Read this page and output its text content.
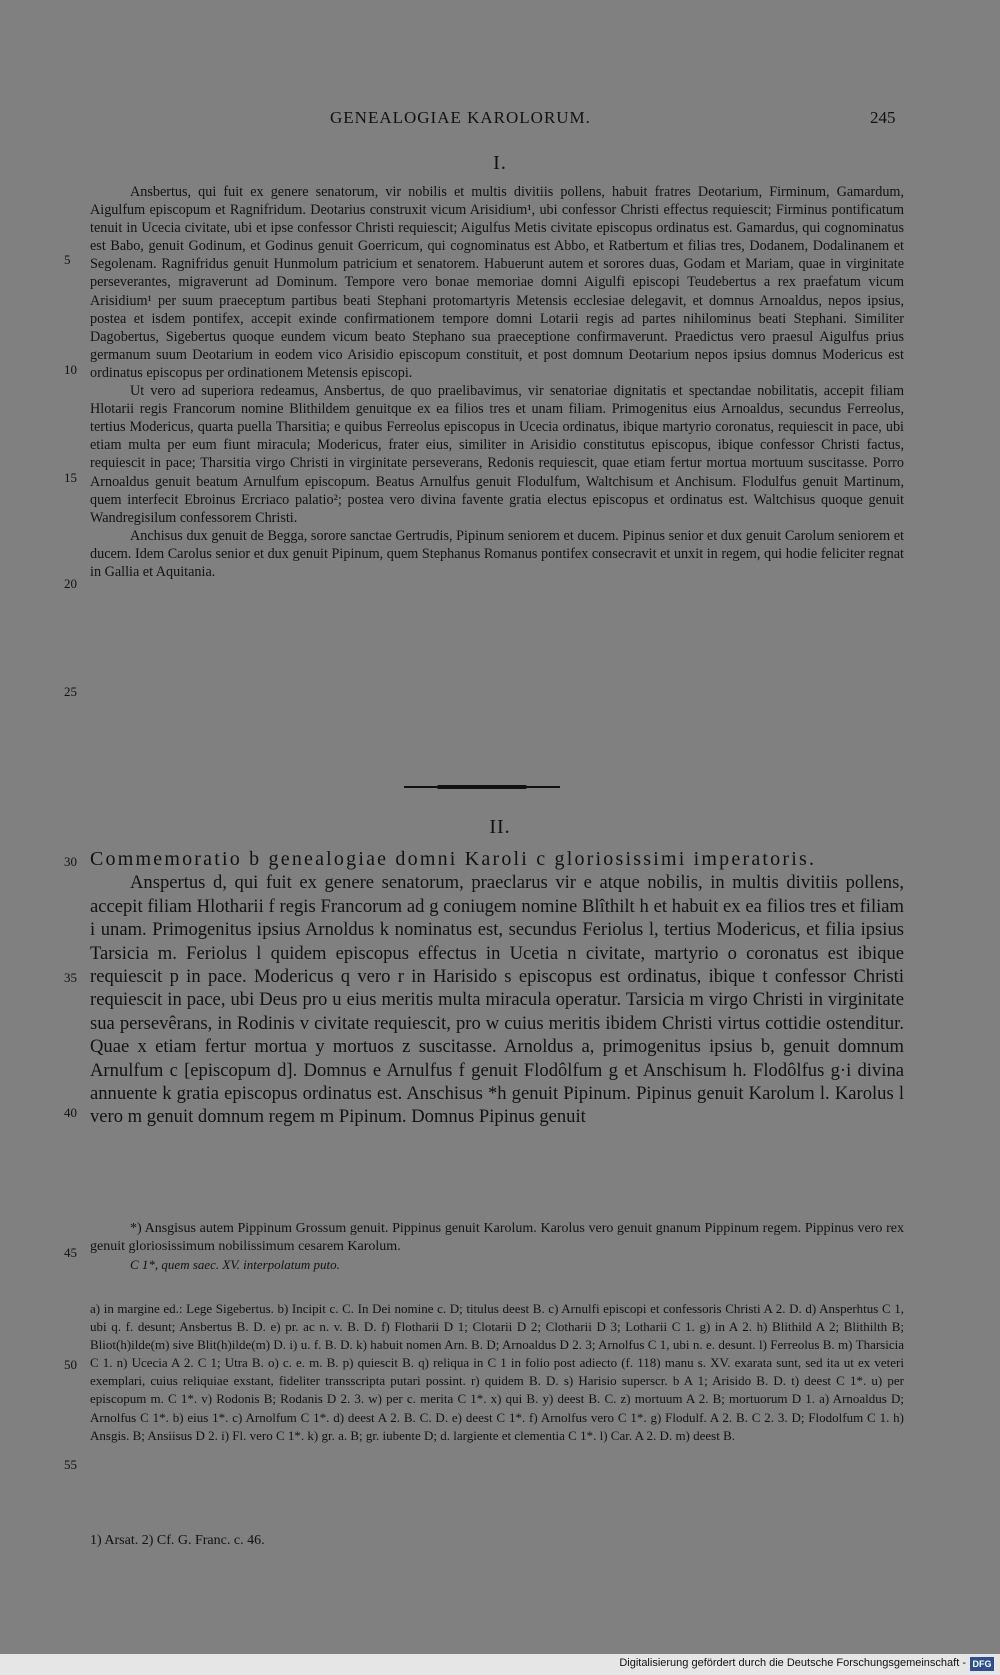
GENEALOGIAE KAROLORUM.	245
I.

Ansbertus, qui fuit ex genere senatorum, vir nobilis et multis divitiis pollens, habuit fratres Deotarium, Firminum, Gamardum, Aigulfum episcopum et Ragnifridum. Deotarius construxit vicum Arisidium¹, ubi confessor Christi effectus requiescit; Firminus pontificatum tenuit in Ucecia civitate, ubi et ipse confessor Christi requiescit; Aigulfus Metis civitate episcopus ordinatus est. Gamardus, qui cognominatus est Babo, genuit Godinum, et Godinus genuit Goerricum, qui cognominatus est Abbo, et Ratbertum et filias tres, Dodanem, Dodalinanem et Segolenam. Ragnifridus genuit Hunmolum patricium et senatorem. Habuerunt autem et sorores duas, Godam et Mariam, quae in virginitate perseverantes, migraverunt ad Dominum. Tempore vero bonae memoriae domni Aigulfi episcopi Teudebertus a rex praefatum vicum Arisidium¹ per suum praeceptum partibus beati Stephani protomartyris Metensis ecclesiae delegavit, et domnus Arnoaldus, nepos ipsius, postea et isdem pontifex, accepit exinde confirmationem tempore domni Lotarii regis ad partes nihilominus beati Stephani. Similiter Dagobertus, Sigebertus quoque eundem vicum beato Stephano sua praeceptione confirmaverunt. Praedictus vero praesul Aigulfus prius germanum suum Deotarium in eodem vico Arisidio episcopum constituit, et post domnum Deotarium nepos ipsius domnus Modericus est ordinatus episcopus per ordinationem Metensis episcopi.

Ut vero ad superiora redeamus, Ansbertus, de quo praelibavimus, vir senatoriae dignitatis et spectandae nobilitatis, accepit filiam Hlotarii regis Francorum nomine Blithildem genuitque ex ea filios tres et unam filiam. Primogenitus eius Arnoaldus, secundus Ferreolus, tertius Modericus, quarta puella Tharsitia; e quibus Ferreolus episcopus in Ucecia ordinatus, ibique martyrio coronatus, requiescit in pace, ubi etiam multa per eum fiunt miracula; Modericus, frater eius, similiter in Arisidio constitutus episcopus, ibique confessor Christi factus, requiescit in pace; Tharsitia virgo Christi in virginitate perseverans, Redonis requiescit, quae etiam fertur mortua mortuum suscitasse. Porro Arnoaldus genuit beatum Arnulfum episcopum. Beatus Arnulfus genuit Flodulfum, Waltchisum et Anchisum. Flodulfus genuit Martinum, quem interfecit Ebroinus Ercriaco palatio²; postea vero divina favente gratia electus episcopus et ordinatus est. Waltchisus quoque genuit Wandregisilum confessorem Christi.

Anchisus dux genuit de Begga, sorore sanctae Gertrudis, Pipinum seniorem et ducem. Pipinus senior et dux genuit Carolum seniorem et ducem. Idem Carolus senior et dux genuit Pipinum, quem Stephanus Romanus pontifex consecravit et unxit in regem, qui hodie feliciter regnat in Gallia et Aquitania.

5
10
15
20
25
II.

Commemoratio b genealogiae domni Karoli c gloriosissimi imperatoris.

Anspertus d, qui fuit ex genere senatorum, praeclarus vir e atque nobilis, in multis divitiis pollens, accepit filiam Hlotharii f regis Francorum ad g coniugem nomine Blîthilt h et habuit ex ea filios tres et filiam i unam. Primogenitus ipsius Arnoldus k nominatus est, secundus Feriolus l, tertius Modericus, et filia ipsius Tarsicia m. Feriolus l quidem episcopus effectus in Ucetia n civitate, martyrio o coronatus est ibique requiescit p in pace. Modericus q vero r in Harisido s episcopus est ordinatus, ibique t confessor Christi requiescit in pace, ubi Deus pro u eius meritis multa miracula operatur. Tarsicia m virgo Christi in virginitate sua persevêrans, in Rodinis v civitate requiescit, pro w cuius meritis ibidem Christi virtus cottidie ostenditur. Quae x etiam fertur mortua y mortuos z suscitasse. Arnoldus a, primogenitus ipsius b, genuit domnum Arnulfum c [episcopum d]. Domnus e Arnulfus f genuit Flodôlfum g et Anschisum h. Flodôlfus g·i divina annuente k gratia episcopus ordinatus est. Anschisus *h genuit Pipinum. Pipinus genuit Karolum l. Karolus l vero m genuit domnum regem m Pipinum. Domnus Pipinus genuit

30
35
40

*) Ansgisus autem Pippinum Grossum genuit. Pippinus genuit Karolum. Karolus vero genuit gnanum Pippinum regem. Pippinus vero rex genuit gloriosissimum nobilissimum cesarem Karolum.

C 1*, quem saec. XV. interpolatum puto.

45

a) in margine ed.: Lege Sigebertus. b) Incipit c. C. In Dei nomine c. D; titulus deest B. c) Arnulfi episcopi et confessoris Christi A 2. D. d) Ansperhtus C 1, ubi q. f. desunt; Ansbertus B. D. e) pr. ac n. v. B. D. f) Flotharii D 1; Clotarii D 2; Clotharii D 3; Lotharii C 1. g) in A 2. h) Blithild A 2; Blithilth B; Bliot(h)ilde(m) sive Blit(h)ilde(m) D. i) u. f. B. D. k) habuit nomen Arn. B. D; Arnoaldus D 2. 3; Arnolfus C 1, ubi n. e. desunt. l) Ferreolus B. m) Tharsicia C 1. n) Ucecia A 2. C 1; Utra B. o) c. e. m. B. p) quiescit B. q) reliqua in C 1 in folio post adiecto (f. 118) manu s. XV. exarata sunt, sed ita ut ex veteri exemplari, cuius reliquiae exstant, fideliter transscripta putari possint. r) quidem B. D. s) Harisio superscr. b A 1; Arisido B. D. t) deest C 1*. u) per episcopum m. C 1*. v) Rodonis B; Rodanis D 2. 3. w) per c. merita C 1*. x) qui B. y) deest B. C. z) mortuum A 2. B; mortuorum D 1. a) Arnoaldus D; Arnolfus C 1*. b) eius 1*. c) Arnolfum C 1*. d) deest A 2. B. C. D. e) deest C 1*. f) Arnolfus vero C 1*. g) Flodulf. A 2. B. C 2. 3. D; Flodolfum C 1. h) Ansgis. B; Ansiisus D 2. i) Fl. vero C 1*. k) gr. a. B; gr. iubente D; d. largiente et clementia C 1*. l) Car. A 2. D. m) deest B.

50
55
1) Arsat. 2) Cf. G. Franc. c. 46.
Digitalisierung gefördert durch die Deutsche Forschungsgemeinschaft - DFG
